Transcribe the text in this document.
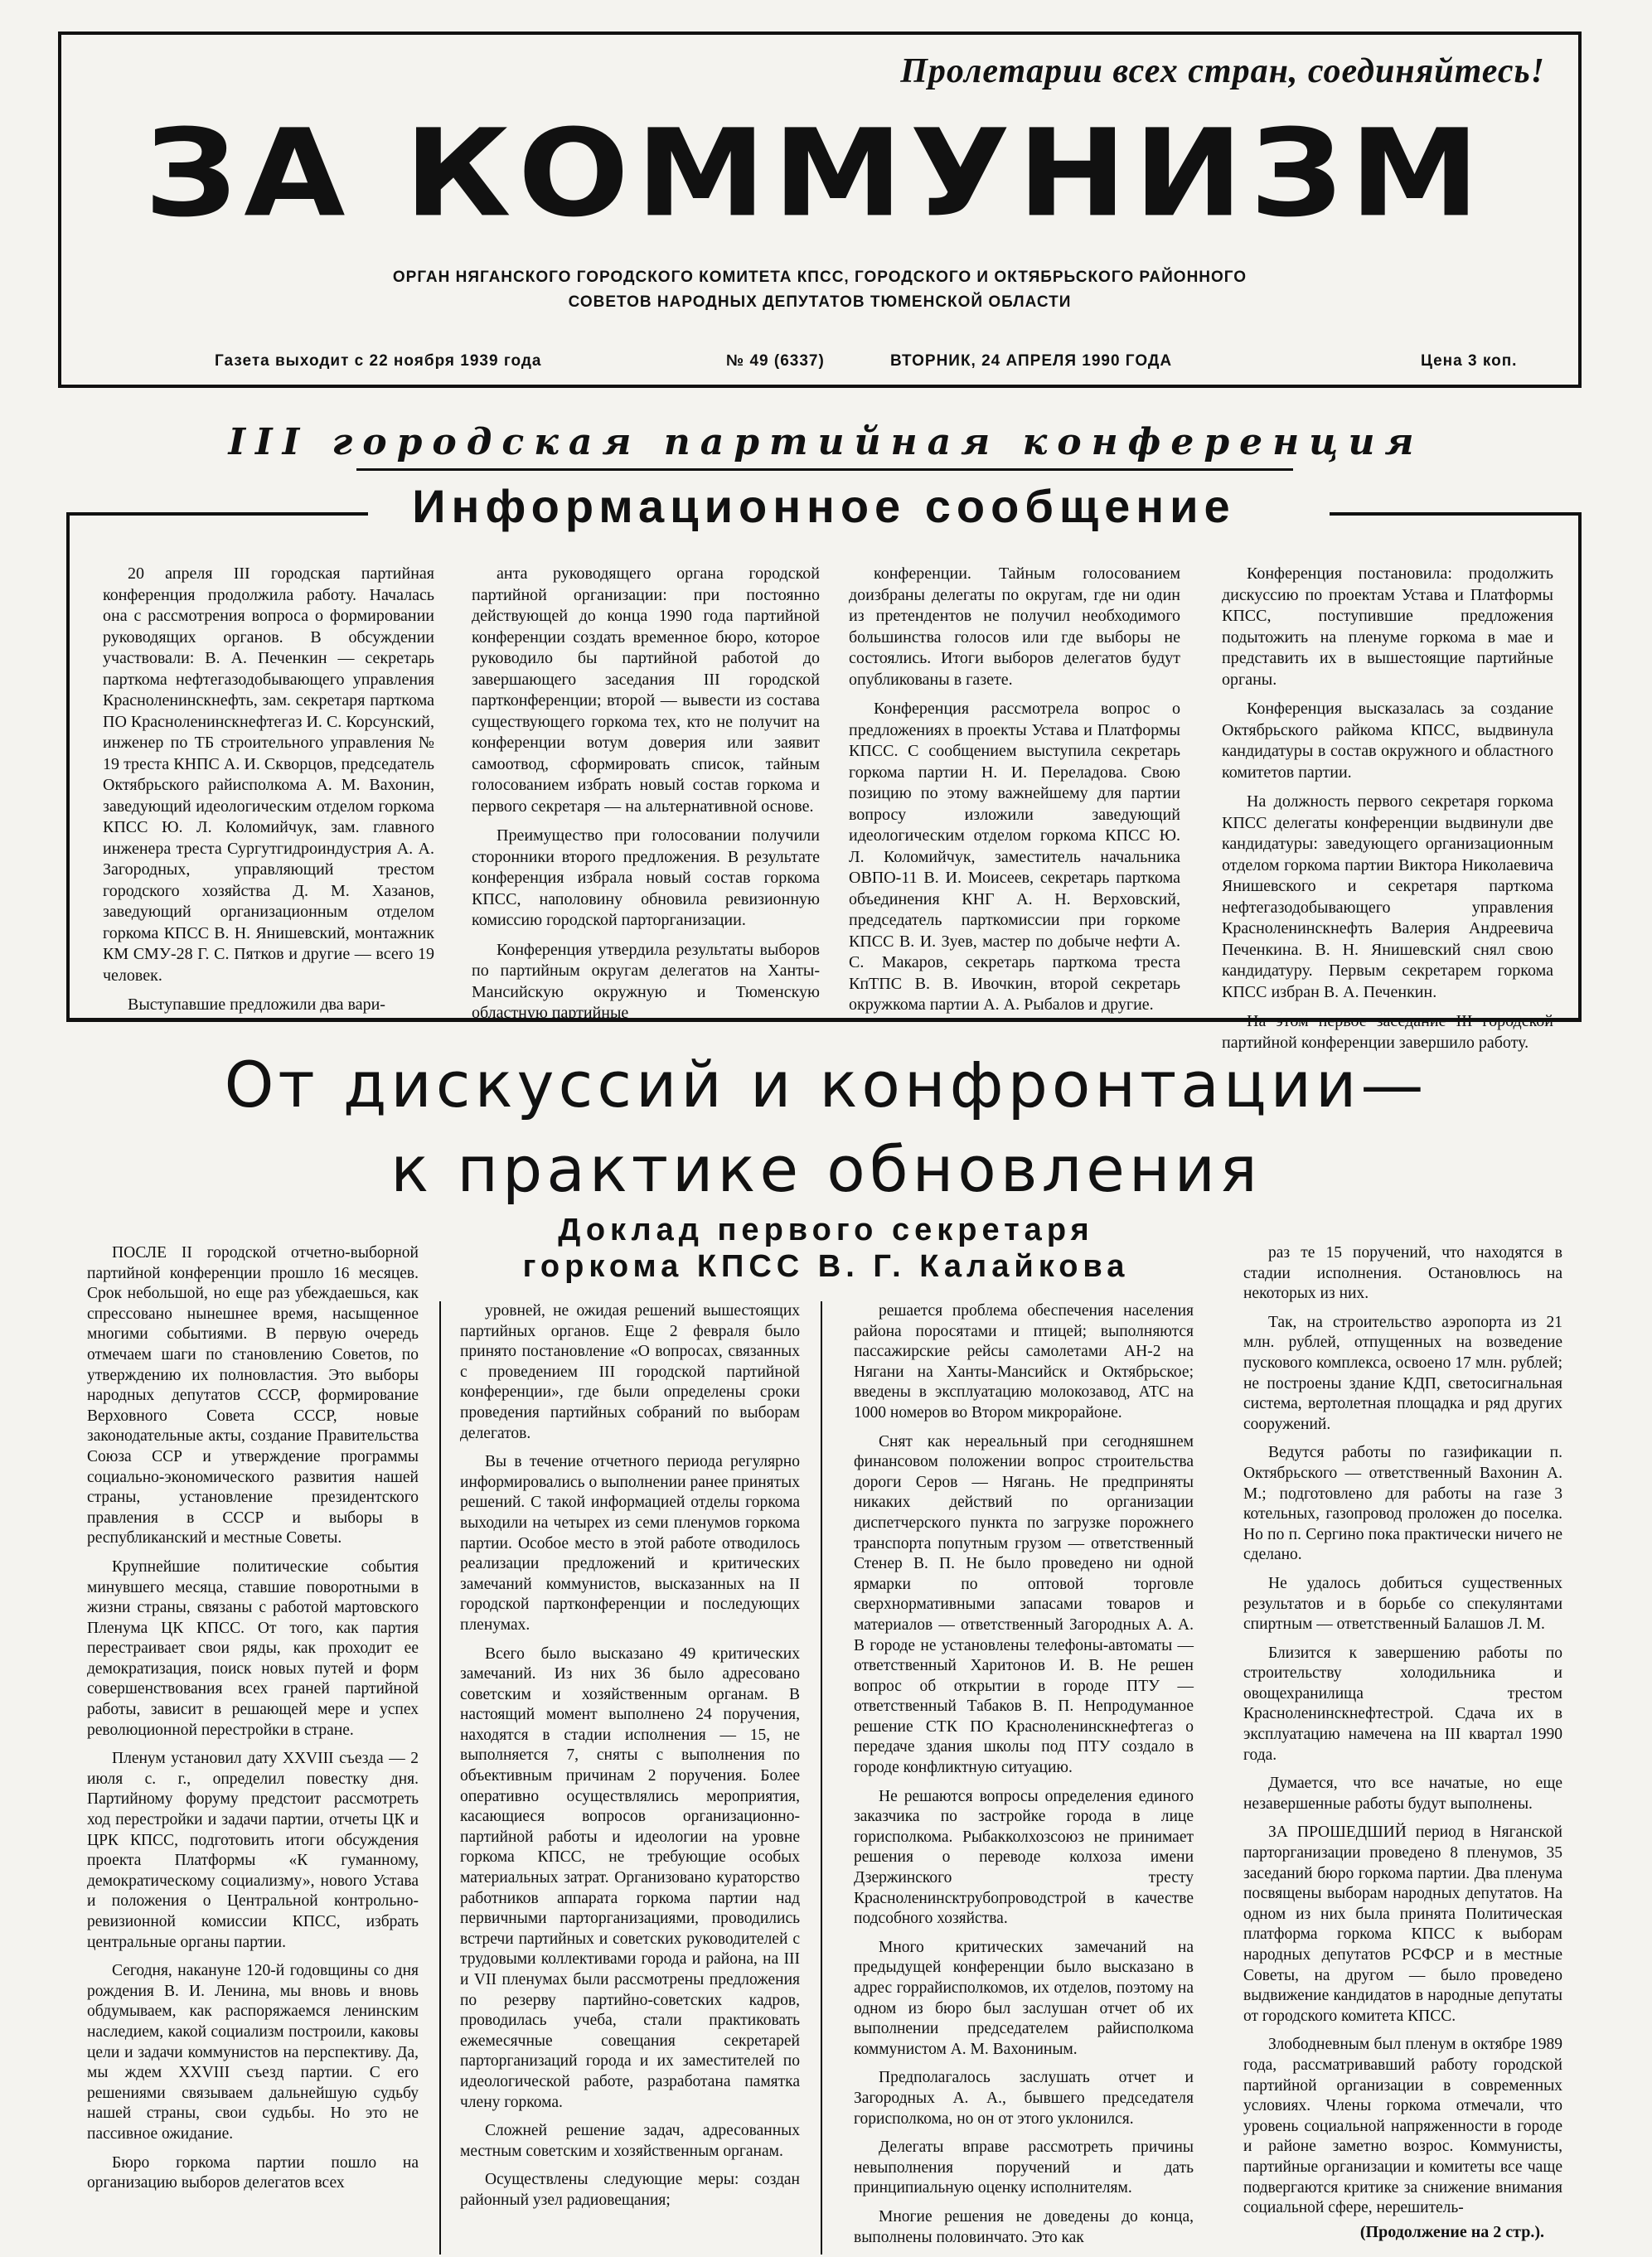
Пролетарии всех стран, соединяйтесь!
ЗА КОММУНИЗМ
ОРГАН НЯГАНСКОГО ГОРОДСКОГО КОМИТЕТА КПСС, ГОРОДСКОГО И ОКТЯБРЬСКОГО РАЙОННОГО
СОВЕТОВ НАРОДНЫХ ДЕПУТАТОВ ТЮМЕНСКОЙ ОБЛАСТИ
Газета выходит с 22 ноября 1939 года	№ 49 (6337)	ВТОРНИК, 24 АПРЕЛЯ 1990 ГОДА	Цена 3 коп.
III городская партийная конференция
Информационное сообщение

20 апреля III городская партийная конференция продолжила работу. Началась она с рассмотрения вопроса о формировании руководящих органов. В обсуждении участвовали: В. А. Печенкин — секретарь парткома нефтегазодобывающего управления Красноленинскнефть, зам. секретаря парткома ПО Красноленинскнефтегаз И. С. Корсунский, инженер по ТБ строительного управления № 19 треста КНПС А. И. Скворцов, председатель Октябрьского райисполкома А. М. Вахонин, заведующий идеологическим отделом горкома КПСС Ю. Л. Коломийчук, зам. главного инженера треста Сургутгидроиндустрия А. А. Загородных, управляющий трестом городского хозяйства Д. М. Хазанов, заведующий организационным отделом горкома КПСС В. Н. Янишевский, монтажник КМ СМУ-28 Г. С. Пятков и другие — всего 19 человек.

Выступавшие предложили два вари-

анта руководящего органа городской партийной организации: при постоянно действующей до конца 1990 года партийной конференции создать временное бюро, которое руководило бы партийной работой до завершающего заседания III городской партконференции; второй — вывести из состава существующего горкома тех, кто не получит на конференции вотум доверия или заявит самоотвод, сформировать список, тайным голосованием избрать новый состав горкома и первого секретаря — на альтернативной основе.

Преимущество при голосовании получили сторонники второго предложения. В результате конференция избрала новый состав горкома КПСС, наполовину обновила ревизионную комиссию городской парторганизации.

Конференция утвердила результаты выборов по партийным округам делегатов на Ханты-Мансийскую окружную и Тюменскую областную партийные

конференции. Тайным голосованием доизбраны делегаты по округам, где ни один из претендентов не получил необходимого большинства голосов или где выборы не состоялись. Итоги выборов делегатов будут опубликованы в газете.

Конференция рассмотрела вопрос о предложениях в проекты Устава и Платформы КПСС. С сообщением выступила секретарь горкома партии Н. И. Переладова. Свою позицию по этому важнейшему для партии вопросу изложили заведующий идеологическим отделом горкома КПСС Ю. Л. Коломийчук, заместитель начальника ОВПО-11 В. И. Моисеев, секретарь парткома объединения КНГ А. Н. Верховский, председатель парткомиссии при горкоме КПСС В. И. Зуев, мастер по добыче нефти А. С. Макаров, секретарь парткома треста КпТПС В. В. Ивочкин, второй секретарь окружкома партии А. А. Рыбалов и другие.

Конференция постановила: продолжить дискуссию по проектам Устава и Платформы КПСС, поступившие предложения подытожить на пленуме горкома в мае и представить их в вышестоящие партийные органы.

Конференция высказалась за создание Октябрьского райкома КПСС, выдвинула кандидатуры в состав окружного и областного комитетов партии.

На должность первого секретаря горкома КПСС делегаты конференции выдвинули две кандидатуры: заведующего организационным отделом горкома партии Виктора Николаевича Янишевского и секретаря парткома нефтегазодобывающего управления Красноленинскнефть Валерия Андреевича Печенкина. В. Н. Янишевский снял свою кандидатуру. Первым секретарем горкома КПСС избран В. А. Печенкин.

На этом первое заседание III городской партийной конференции завершило работу.

От дискуссий и конфронтации—
к практике обновления
Доклад первого секретаря
горкома КПСС В. Г. Калайкова

ПОСЛЕ II городской отчетно-выборной партийной конференции прошло 16 месяцев. Срок небольшой, но еще раз убеждаешься, как спрессовано нынешнее время, насыщенное многими событиями. В первую очередь отмечаем шаги по становлению Советов, по утверждению их полновластия. Это выборы народных депутатов СССР, формирование Верховного Совета СССР, новые законодательные акты, создание Правительства Союза ССР и утверждение программы социально-экономического развития нашей страны, установление президентского правления в СССР и выборы в республиканский и местные Советы.

Крупнейшие политические события минувшего месяца, ставшие поворотными в жизни страны, связаны с работой мартовского Пленума ЦК КПСС. От того, как партия перестраивает свои ряды, как проходит ее демократизация, поиск новых путей и форм совершенствования всех граней партийной работы, зависит в решающей мере и успех революционной перестройки в стране.

Пленум установил дату XXVIII съезда — 2 июля с. г., определил повестку дня. Партийному форуму предстоит рассмотреть ход перестройки и задачи партии, отчеты ЦК и ЦРК КПСС, подготовить итоги обсуждения проекта Платформы «К гуманному, демократическому социализму», нового Устава и положения о Центральной контрольно-ревизионной комиссии КПСС, избрать центральные органы партии.

Сегодня, накануне 120-й годовщины со дня рождения В. И. Ленина, мы вновь и вновь обдумываем, как распоряжаемся ленинским наследием, какой социализм построили, каковы цели и задачи коммунистов на перспективу. Да, мы ждем XXVIII съезд партии. С его решениями связываем дальнейшую судьбу нашей страны, свои судьбы. Но это не пассивное ожидание.

Бюро горкома партии пошло на организацию выборов делегатов всех

уровней, не ожидая решений вышестоящих партийных органов. Еще 2 февраля было принято постановление «О вопросах, связанных с проведением III городской партийной конференции», где были определены сроки проведения партийных собраний по выборам делегатов.

Вы в течение отчетного периода регулярно информировались о выполнении ранее принятых решений. С такой информацией отделы горкома выходили на четырех из семи пленумов горкома партии. Особое место в этой работе отводилось реализации предложений и критических замечаний коммунистов, высказанных на II городской партконференции и последующих пленумах.

Всего было высказано 49 критических замечаний. Из них 36 было адресовано советским и хозяйственным органам. В настоящий момент выполнено 24 поручения, находятся в стадии исполнения — 15, не выполняется 7, сняты с выполнения по объективным причинам 2 поручения. Более оперативно осуществлялись мероприятия, касающиеся вопросов организационно-партийной работы и идеологии на уровне горкома КПСС, не требующие особых материальных затрат. Организовано кураторство работников аппарата горкома партии над первичными парторганизациями, проводились встречи партийных и советских руководителей с трудовыми коллективами города и района, на III и VII пленумах были рассмотрены предложения по резерву партийно-советских кадров, проводилась учеба, стали практиковать ежемесячные совещания секретарей парторганизаций города и их заместителей по идеологической работе, разработана памятка члену горкома.

Сложней решение задач, адресованных местным советским и хозяйственным органам.

Осуществлены следующие меры: создан районный узел радиовещания;

решается проблема обеспечения населения района поросятами и птицей; выполняются пассажирские рейсы самолетами АН-2 на Нягани на Ханты-Мансийск и Октябрьское; введены в эксплуатацию молокозавод, АТС на 1000 номеров во Втором микрорайоне.

Снят как нереальный при сегодняшнем финансовом положении вопрос строительства дороги Серов — Нягань. Не предприняты никаких действий по организации диспетчерского пункта по загрузке порожнего транспорта попутным грузом — ответственный Стенер В. П. Не было проведено ни одной ярмарки по оптовой торговле сверхнормативными запасами товаров и материалов — ответственный Загородных А. А. В городе не установлены телефоны-автоматы — ответственный Харитонов И. В. Не решен вопрос об открытии в городе ПТУ — ответственный Табаков В. П. Непродуманное решение СТК ПО Красноленинскнефтегаз о передаче здания школы под ПТУ создало в городе конфликтную ситуацию.

Не решаются вопросы определения единого заказчика по застройке города в лице горисполкома. Рыбакколхозсоюз не принимает решения о переводе колхоза имени Дзержинского тресту Красноленинсктрубопроводстрой в качестве подсобного хозяйства.

Много критических замечаний на предыдущей конференции было высказано в адрес горрайисполкомов, их отделов, поэтому на одном из бюро был заслушан отчет об их выполнении председателем райисполкома коммунистом А. М. Вахониным.

Предполагалось заслушать отчет и Загородных А. А., бывшего председателя горисполкома, но он от этого уклонился.

Делегаты вправе рассмотреть причины невыполнения поручений и дать принципиальную оценку исполнителям.

Многие решения не доведены до конца, выполнены половинчато. Это как

раз те 15 поручений, что находятся в стадии исполнения. Остановлюсь на некоторых из них.

Так, на строительство аэропорта из 21 млн. рублей, отпущенных на возведение пускового комплекса, освоено 17 млн. рублей; не построены здание КДП, светосигнальная система, вертолетная площадка и ряд других сооружений.

Ведутся работы по газификации п. Октябрьского — ответственный Вахонин А. М.; подготовлено для работы на газе 3 котельных, газопровод проложен до поселка. Но по п. Сергино пока практически ничего не сделано.

Не удалось добиться существенных результатов и в борьбе со спекулянтами спиртным — ответственный Балашов Л. М.

Близится к завершению работы по строительству холодильника и овощехранилища трестом Красноленинскнефтестрой. Сдача их в эксплуатацию намечена на III квартал 1990 года.

Думается, что все начатые, но еще незавершенные работы будут выполнены.

ЗА ПРОШЕДШИЙ период в Няганской парторганизации проведено 8 пленумов, 35 заседаний бюро горкома партии. Два пленума посвящены выборам народных депутатов. На одном из них была принята Политическая платформа горкома КПСС к выборам народных депутатов РСФСР и в местные Советы, на другом — было проведено выдвижение кандидатов в народные депутаты от городского комитета КПСС.

Злободневным был пленум в октябре 1989 года, рассматривавший работу городской партийной организации в современных условиях. Члены горкома отмечали, что уровень социальной напряженности в городе и районе заметно возрос. Коммунисты, партийные организации и комитеты все чаще подвергаются критике за снижение внимания социальной сфере, нерешитель-

(Продолжение на 2 стр.).
